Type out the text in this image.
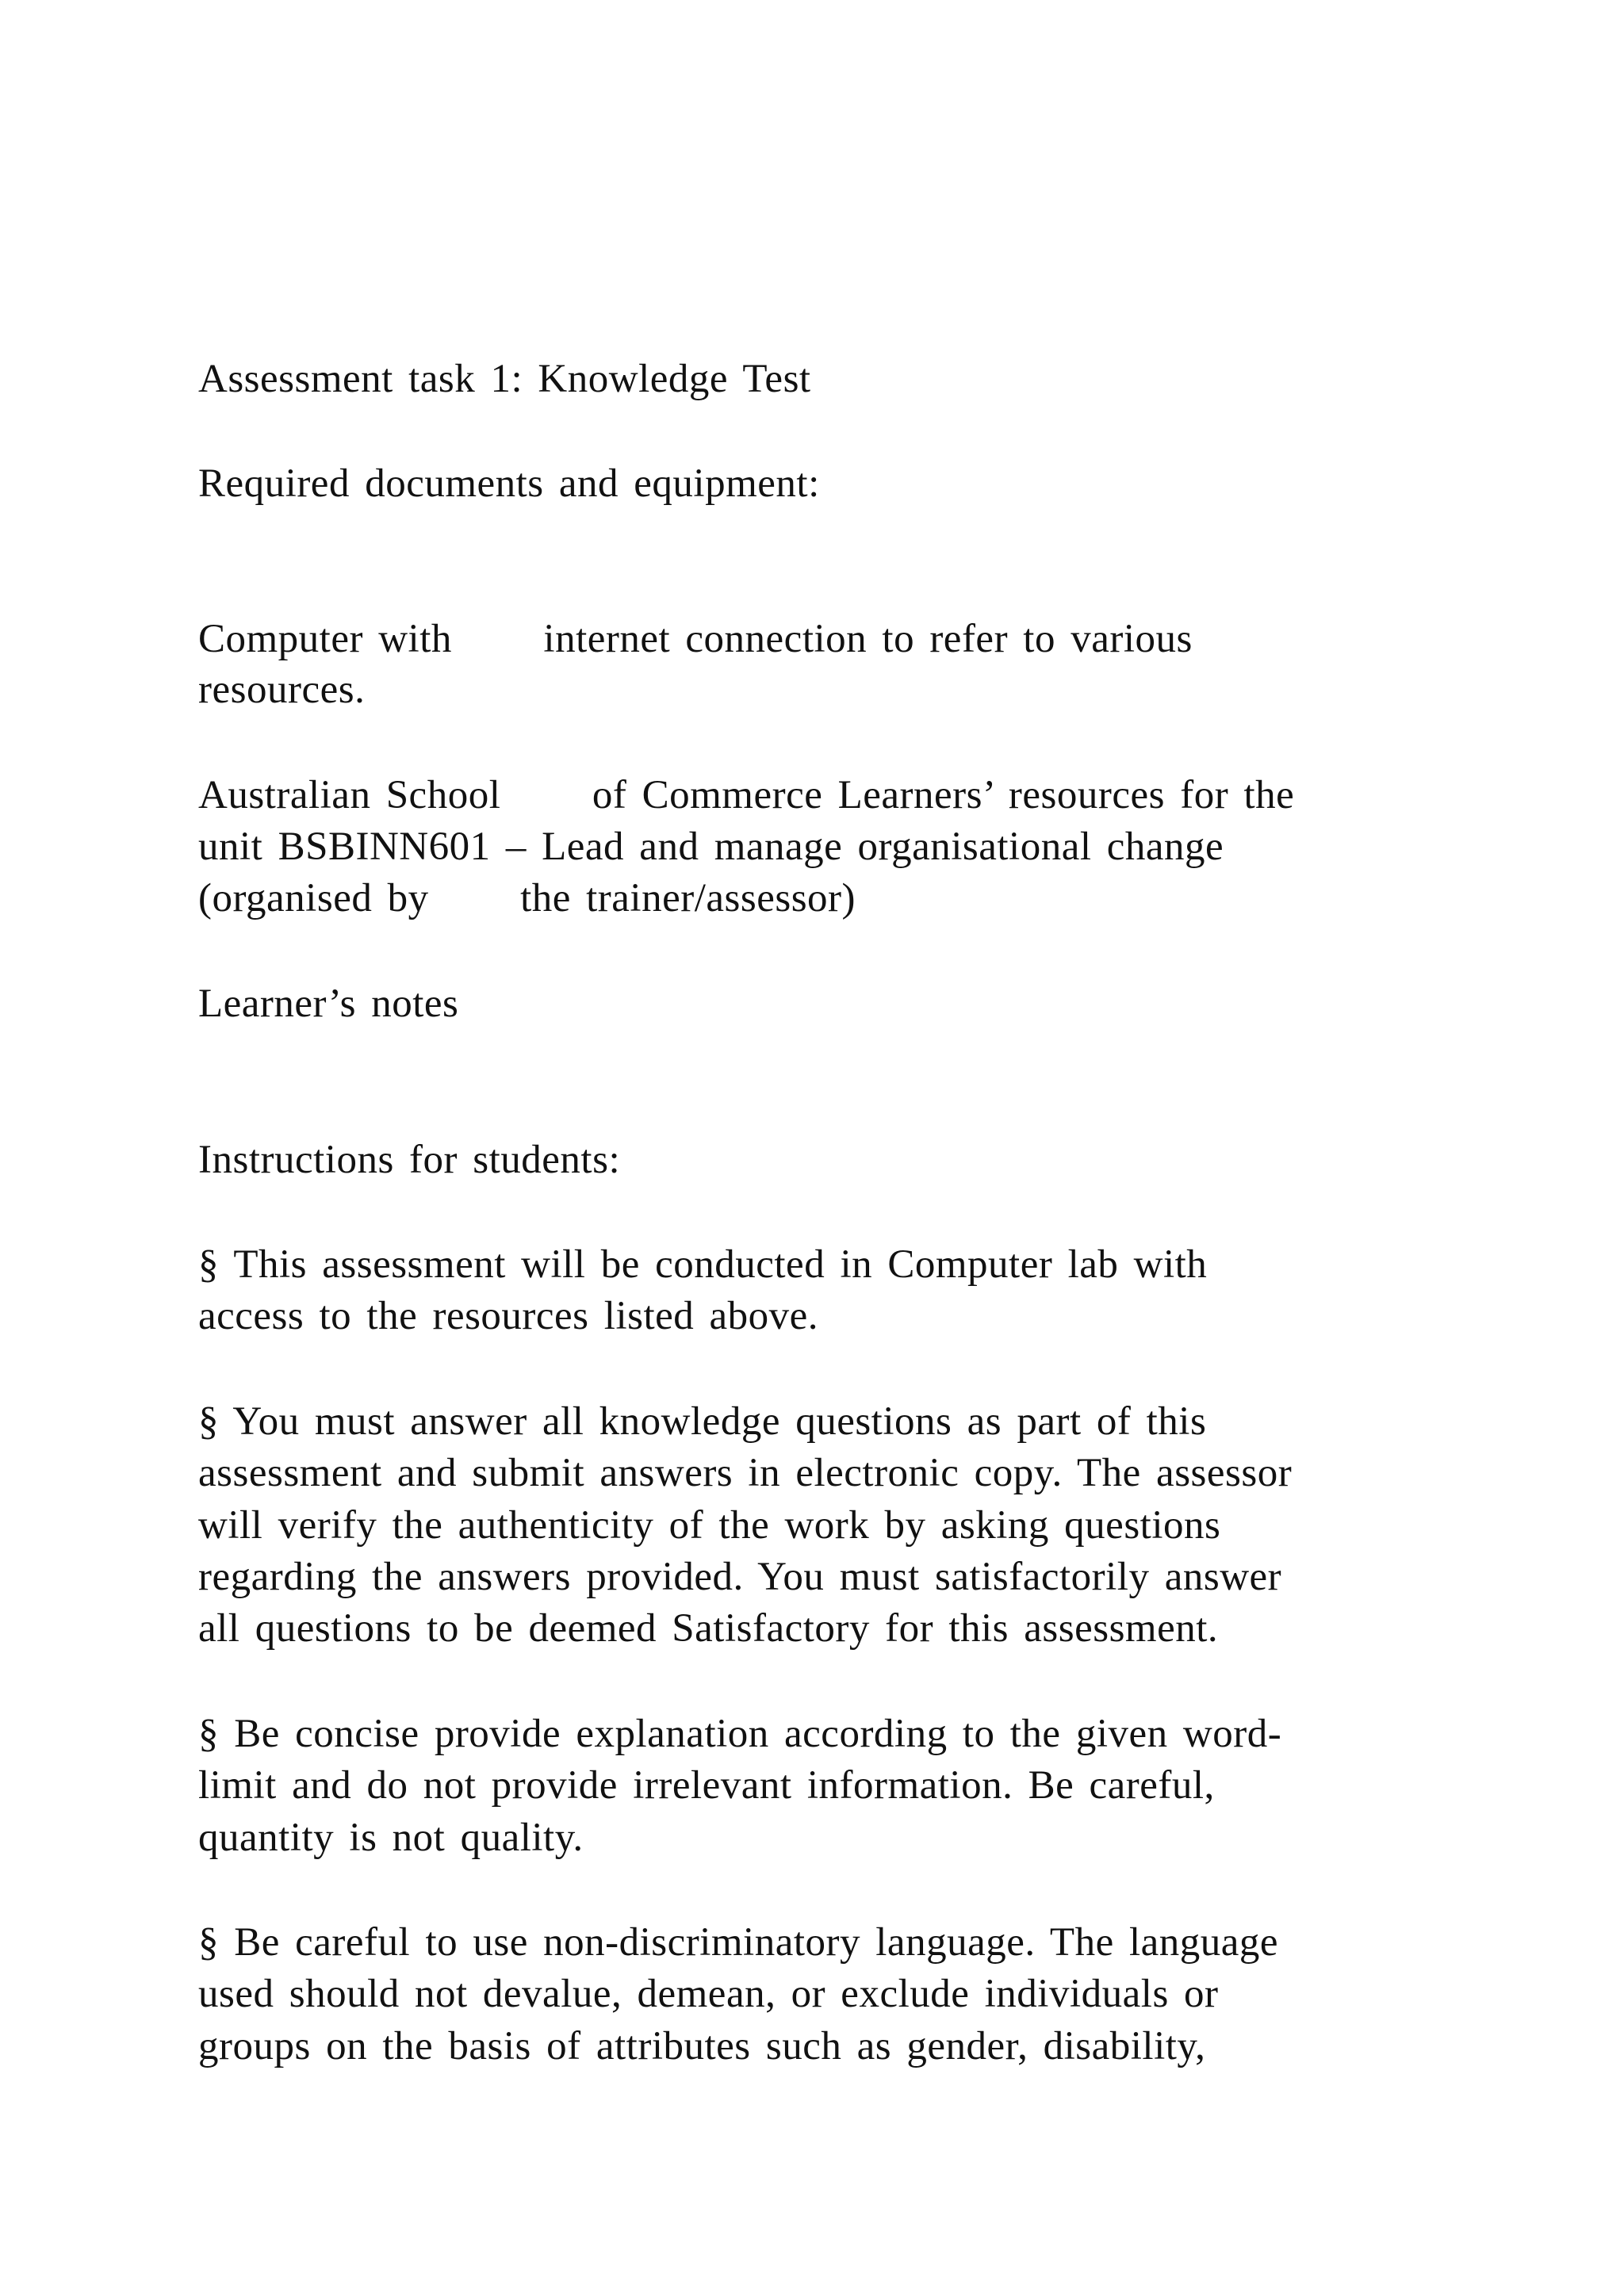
Assessment task 1: Knowledge Test

Required documents and equipment:

Computer with      internet connection to refer to various

resources.

Australian School      of Commerce Learners’ resources for the

unit BSBINN601 – Lead and manage organisational change

(organised by      the trainer/assessor)

Learner’s notes

Instructions for students:

§ This assessment will be conducted in Computer lab with

access to the resources listed above.

§ You must answer all knowledge questions as part of this

assessment and submit answers in electronic copy. The assessor

will verify the authenticity of the work by asking questions

regarding the answers provided. You must satisfactorily answer

all questions to be deemed Satisfactory for this assessment.

§ Be concise provide explanation according to the given word-

limit and do not provide irrelevant information. Be careful,

quantity is not quality.

§ Be careful to use non-discriminatory language. The language

used should not devalue, demean, or exclude individuals or

groups on the basis of attributes such as gender, disability,
